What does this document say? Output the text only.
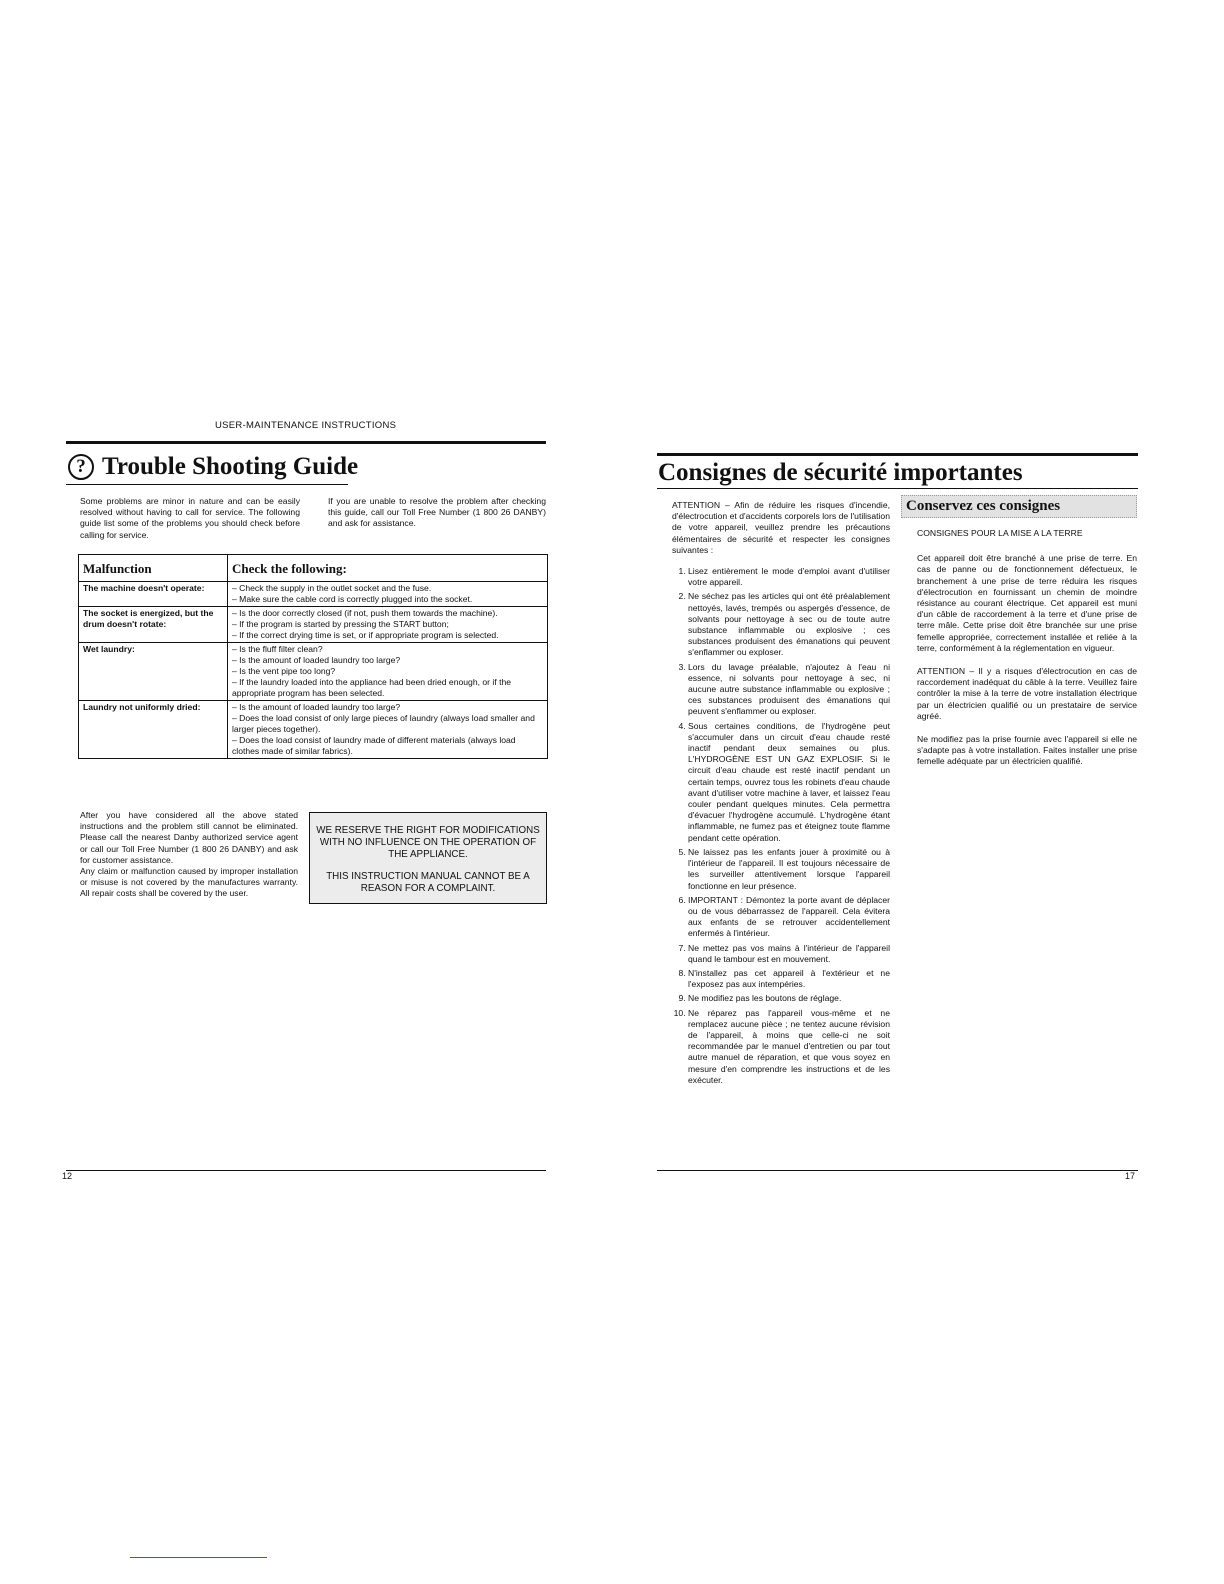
USER-MAINTENANCE INSTRUCTIONS
? Trouble Shooting Guide
Some problems are minor in nature and can be easily resolved without having to call for service. The following guide list some of the problems you should check before calling for service.
If you are unable to resolve the problem after checking this guide, call our Toll Free Number (1 800 26 DANBY) and ask for assistance.
Malfunction	Check the following:
The machine doesn't operate:	– Check the supply in the outlet socket and the fuse.
– Make sure the cable cord is correctly plugged into the socket.

The socket is energized, but the drum doesn't rotate:	– Is the door correctly closed (if not, push them towards the machine).
– If the program is started by pressing the START button;
– If the correct drying time is set, or if appropriate program is selected.

Wet laundry:	– Is the fluff filter clean?
– Is the amount of loaded laundry too large?
– Is the vent pipe too long?
– If the laundry loaded into the appliance had been dried enough, or if the appropriate program has been selected.

Laundry not uniformly dried:	– Is the amount of loaded laundry too large?
– Does the load consist of only large pieces of laundry (always load smaller and larger pieces together).
– Does the load consist of laundry made of different materials (always load clothes made of similar fabrics).
After you have considered all the above stated instructions and the problem still cannot be eliminated. Please call the nearest Danby authorized service agent or call our Toll Free Number (1 800 26 DANBY) and ask for customer assistance.
Any claim or malfunction caused by improper installation or misuse is not covered by the manufactures warranty. All repair costs shall be covered by the user.

WE RESERVE THE RIGHT FOR MODIFICATIONS WITH NO INFLUENCE ON THE OPERATION OF THE APPLIANCE.

THIS INSTRUCTION MANUAL CANNOT BE A REASON FOR A COMPLAINT.

12
Consignes de sécurité importantes
ATTENTION – Afin de réduire les risques d'incendie, d'électrocution et d'accidents corporels lors de l'utilisation de votre appareil, veuillez prendre les précautions élémentaires de sécurité et respecter les consignes suivantes :
1. Lisez entièrement le mode d'emploi avant d'utiliser votre appareil.
2. Ne séchez pas les articles qui ont été préalablement nettoyés, lavés, trempés ou aspergés d'essence, de solvants pour nettoyage à sec ou de toute autre substance inflammable ou explosive ; ces substances produisent des émanations qui peuvent s'enflammer ou exploser.
3. Lors du lavage préalable, n'ajoutez à l'eau ni essence, ni solvants pour nettoyage à sec, ni aucune autre substance inflammable ou explosive ; ces substances produisent des émanations qui peuvent s'enflammer ou exploser.
4. Sous certaines conditions, de l'hydrogène peut s'accumuler dans un circuit d'eau chaude resté inactif pendant deux semaines ou plus. L'HYDROGÈNE EST UN GAZ EXPLOSIF. Si le circuit d'eau chaude est resté inactif pendant un certain temps, ouvrez tous les robinets d'eau chaude avant d'utiliser votre machine à laver, et laissez l'eau couler pendant quelques minutes. Cela permettra d'évacuer l'hydrogène accumulé. L'hydrogène étant inflammable, ne fumez pas et éteignez toute flamme pendant cette opération.
5. Ne laissez pas les enfants jouer à proximité ou à l'intérieur de l'appareil. Il est toujours nécessaire de les surveiller attentivement lorsque l'appareil fonctionne en leur présence.
6. IMPORTANT : Démontez la porte avant de déplacer ou de vous débarrassez de l'appareil. Cela évitera aux enfants de se retrouver accidentellement enfermés à l'intérieur.
7. Ne mettez pas vos mains à l'intérieur de l'appareil quand le tambour est en mouvement.
8. N'installez pas cet appareil à l'extérieur et ne l'exposez pas aux intempéries.
9. Ne modifiez pas les boutons de réglage.
10. Ne réparez pas l'appareil vous-même et ne remplacez aucune pièce ; ne tentez aucune révision de l'appareil, à moins que celle-ci ne soit recommandée par le manuel d'entretien ou par tout autre manuel de réparation, et que vous soyez en mesure d'en comprendre les instructions et de les exécuter.
Conservez ces consignes
CONSIGNES POUR LA MISE A LA TERRE
Cet appareil doit être branché à une prise de terre. En cas de panne ou de fonctionnement défectueux, le branchement à une prise de terre réduira les risques d'électrocution en fournissant un chemin de moindre résistance au courant électrique. Cet appareil est muni d'un câble de raccordement à la terre et d'une prise de terre mâle. Cette prise doit être branchée sur une prise femelle appropriée, correctement installée et reliée à la terre, conformément à la réglementation en vigueur.
ATTENTION – Il y a risques d'électrocution en cas de raccordement inadéquat du câble à la terre. Veuillez faire contrôler la mise à la terre de votre installation électrique par un électricien qualifié ou un prestataire de service agréé.
Ne modifiez pas la prise fournie avec l'appareil si elle ne s'adapte pas à votre installation. Faites installer une prise femelle adéquate par un électricien qualifié.
17
